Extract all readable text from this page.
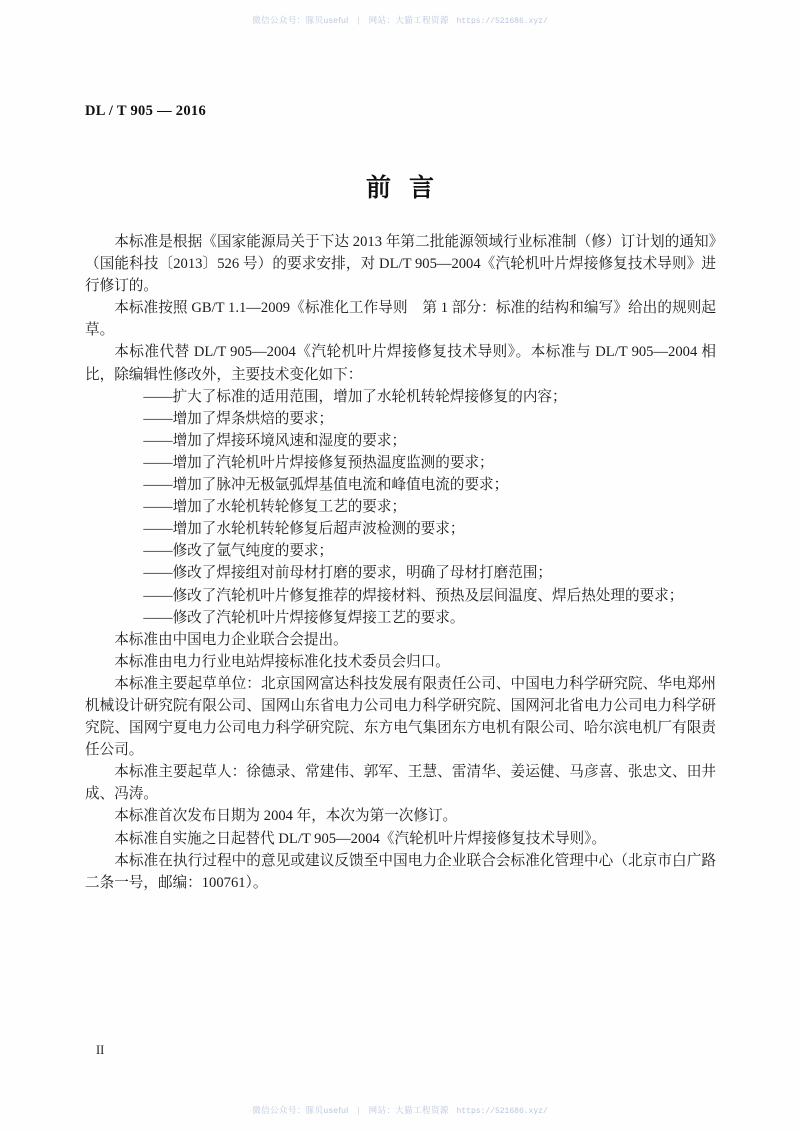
微信公众号：豚贝useful | 网站：大猫工程资源 https://521686.xyz/
DL / T 905 — 2016
前言

本标准是根据《国家能源局关于下达 2013 年第二批能源领域行业标准制（修）订计划的通知》（国能科技〔2013〕526 号）的要求安排，对 DL/T 905—2004《汽轮机叶片焊接修复技术导则》进行修订的。

本标准按照 GB/T 1.1—2009《标准化工作导则　第 1 部分：标准的结构和编写》给出的规则起草。

本标准代替 DL/T 905—2004《汽轮机叶片焊接修复技术导则》。本标准与 DL/T 905—2004 相比，除编辑性修改外，主要技术变化如下：

——扩大了标准的适用范围，增加了水轮机转轮焊接修复的内容；

——增加了焊条烘焙的要求；

——增加了焊接环境风速和湿度的要求；

——增加了汽轮机叶片焊接修复预热温度监测的要求；

——增加了脉冲无极氩弧焊基值电流和峰值电流的要求；

——增加了水轮机转轮修复工艺的要求；

——增加了水轮机转轮修复后超声波检测的要求；

——修改了氩气纯度的要求；

——修改了焊接组对前母材打磨的要求，明确了母材打磨范围；

——修改了汽轮机叶片修复推荐的焊接材料、预热及层间温度、焊后热处理的要求；

——修改了汽轮机叶片焊接修复焊接工艺的要求。

本标准由中国电力企业联合会提出。

本标准由电力行业电站焊接标准化技术委员会归口。

本标准主要起草单位：北京国网富达科技发展有限责任公司、中国电力科学研究院、华电郑州机械设计研究院有限公司、国网山东省电力公司电力科学研究院、国网河北省电力公司电力科学研究院、国网宁夏电力公司电力科学研究院、东方电气集团东方电机有限公司、哈尔滨电机厂有限责任公司。

本标准主要起草人：徐德录、常建伟、郭军、王慧、雷清华、姜运健、马彦喜、张忠文、田井成、冯涛。

本标准首次发布日期为 2004 年，本次为第一次修订。

本标准自实施之日起替代 DL/T 905—2004《汽轮机叶片焊接修复技术导则》。

本标准在执行过程中的意见或建议反馈至中国电力企业联合会标准化管理中心（北京市白广路二条一号，邮编：100761）。

II
微信公众号：豚贝useful | 网站：大猫工程资源 https://521686.xyz/
